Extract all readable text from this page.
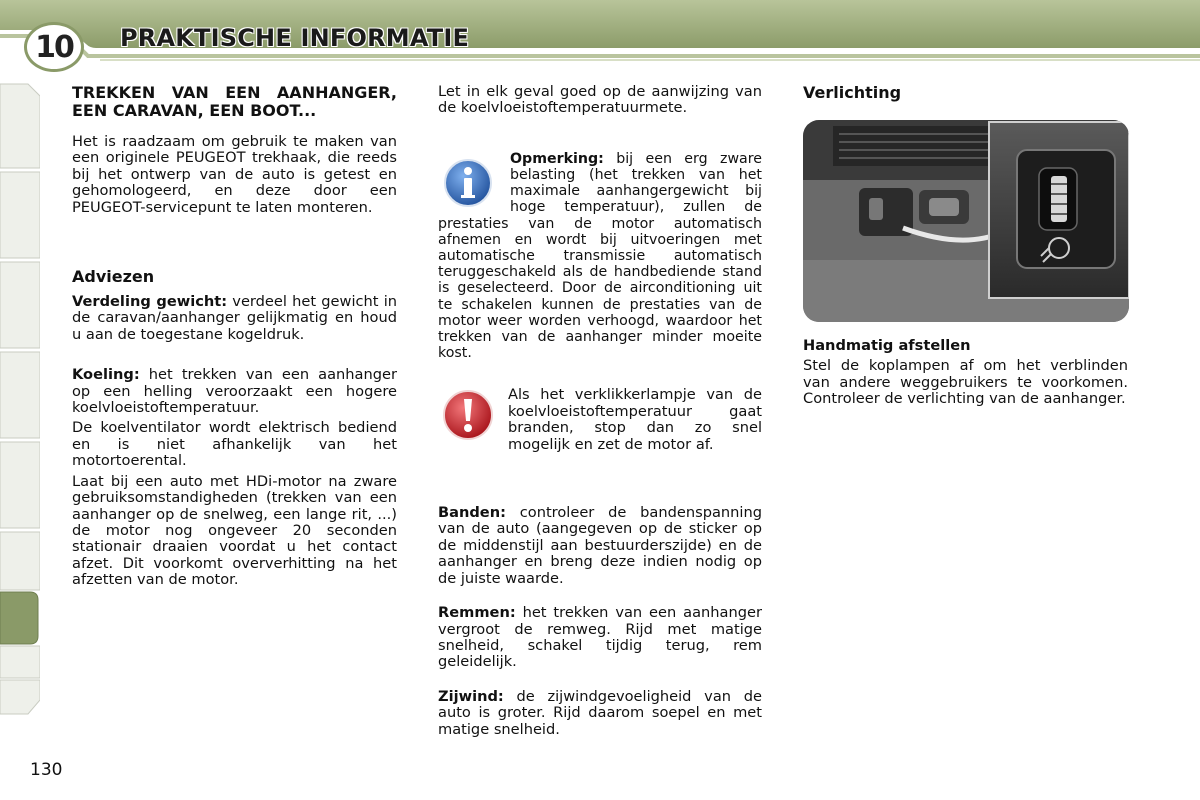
10	PRAKTISCHE INFORMATIE

TREKKEN VAN EEN AANHANGER, EEN CARAVAN, EEN BOOT...

Het is raadzaam om gebruik te maken van een originele PEUGEOT trekhaak, die reeds bij het ontwerp van de auto is getest en gehomologeerd, en deze door een PEUGEOT-servicepunt te laten monteren.

Adviezen

Verdeling gewicht: verdeel het gewicht in de caravan/aanhanger gelijkmatig en houd u aan de toegestane kogeldruk.

Koeling: het trekken van een aanhanger op een helling veroorzaakt een hogere koelvloeistoftemperatuur.

De koelventilator wordt elektrisch bediend en is niet afhankelijk van het motortoerental.

Laat bij een auto met HDi-motor na zware gebruiksomstandigheden (trekken van een aanhanger op de snelweg, een lange rit, ...) de motor nog ongeveer 20 seconden stationair draaien voordat u het contact afzet. Dit voorkomt oververhitting na het afzetten van de motor.

Let in elk geval goed op de aanwijzing van de koelvloeistoftemperatuurmete.

Opmerking: bij een erg zware belasting (het trekken van het maximale aanhangergewicht bij hoge temperatuur), zullen de prestaties van de motor automatisch afnemen en wordt bij uitvoeringen met automatische transmissie automatisch teruggeschakeld als de handbediende stand is geselecteerd. Door de airconditioning uit te schakelen kunnen de prestaties van de motor weer worden verhoogd, waardoor het trekken van de aanhanger minder moeite kost.

Als het verklikkerlampje van de koelvloeistoftemperatuur gaat branden, stop dan zo snel mogelijk en zet de motor af.

Banden: controleer de bandenspanning van de auto (aangegeven op de sticker op de middenstijl aan bestuurderszijde) en de aanhanger en breng deze indien nodig op de juiste waarde.

Remmen: het trekken van een aanhanger vergroot de remweg. Rijd met matige snelheid, schakel tijdig terug, rem geleidelijk.

Zijwind: de zijwindgevoeligheid van de auto is groter. Rijd daarom soepel en met matige snelheid.

Verlichting

Handmatig afstellen

Stel de koplampen af om het verblinden van andere weggebruikers te voorkomen. Controleer de verlichting van de aanhanger.

130
